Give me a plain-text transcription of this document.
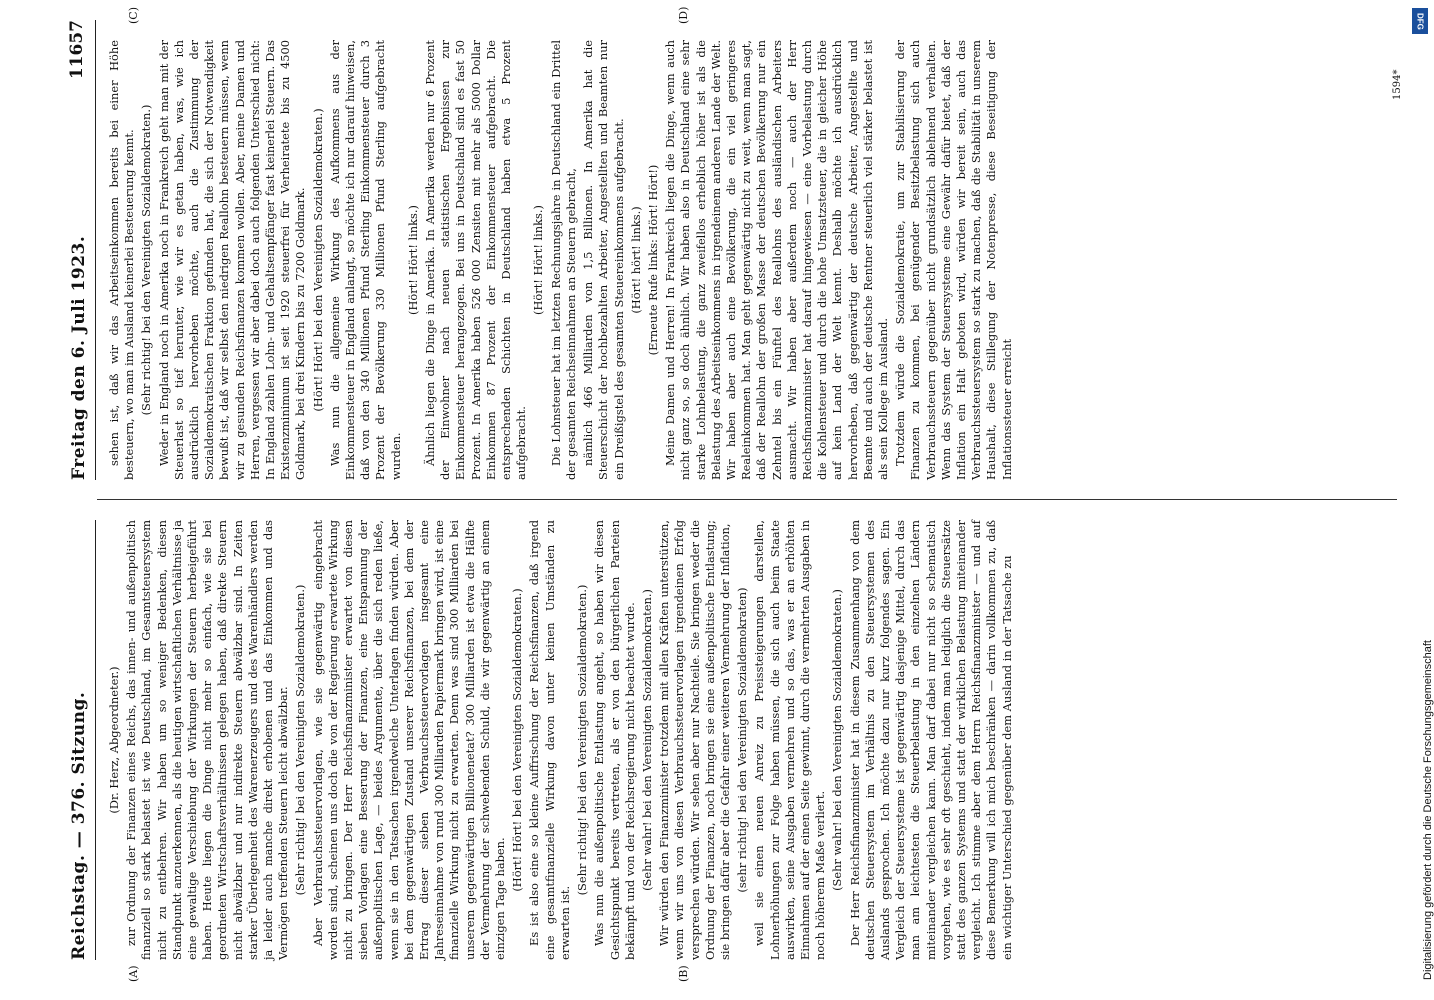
Reichstag. — 376. Sitzung.
Freitag den 6. Juli 1923.
11657
(A)	(B)
(C)	(D)

(Dr. Herz, Abgeordneter.) zur Ordnung der Finanzen eines Reichs, das innen- und außenpolitisch finanziell so stark belastet ist wie Deutschland, im Gesamtsteuersystem nicht zu entbehren. Wir haben um so weniger Bedenken, diesen Standpunkt anzuerkennen, als die heutigen wirtschaftlichen Verhältnisse ja eine gewaltige Verschiebung der Wirkungen der Steuern herbeigeführt haben. Heute liegen die Dinge nicht mehr so einfach, wie sie bei geordneten Wirtschaftsverhältnissen gelegen haben, daß direkte Steuern nicht abwälzbar und nur indirekte Steuern abwälzbar sind. In Zeiten starker Überlegenheit des Warenerzeugers und des Warenhändlers werden ja leider auch manche direkt erhobenen und das Einkommen und das Vermögen treffenden Steuern leicht abwälzbar. (Sehr richtig! bei den Vereinigten Sozialdemokraten.) Aber Verbrauchssteuervorlagen, wie sie gegenwärtig eingebracht worden sind, scheinen uns doch die von der Regierung erwartete Wirkung nicht zu bringen. Der Herr Reichsfinanzminister erwartet von diesen sieben Vorlagen eine Besserung der Finanzen, eine Entspannung der außenpolitischen Lage, — beides Argumente, über die sich reden ließe, wenn sie in den Tatsachen irgendwelche Unterlagen finden würden. Aber bei dem gegenwärtigen Zustand unserer Reichsfinanzen, bei dem der Ertrag dieser sieben Verbrauchssteuervorlagen insgesamt eine Jahreseinnahme von rund 300 Milliarden Papiermark bringen wird, ist eine finanzielle Wirkung nicht zu erwarten. Denn was sind 300 Milliarden bei unserem gegenwärtigen Billionenetat? 300 Milliarden ist etwa die Hälfte der Vermehrung der schwebenden Schuld, die wir gegenwärtig an einem einzigen Tage haben.

(Hört! Hört! bei den Vereinigten Sozialdemokraten.) Es ist also eine so kleine Auffrischung der Reichsfinanzen, daß irgend eine gesamtfinanzielle Wirkung davon unter keinen Umständen zu erwarten ist.

(Sehr richtig! bei den Vereinigten Sozialdemokraten.) Was nun die außenpolitische Entlastung angeht, so haben wir diesen Gesichtspunkt bereits vertreten, als er von den bürgerlichen Parteien bekämpft und von der Reichsregierung nicht beachtet wurde. (Sehr wahr! bei den Vereinigten Sozialdemokraten.) Wir würden den Finanzminister trotzdem mit allen Kräften unterstützen, wenn wir uns von diesen Verbrauchssteuervorlagen irgendeinen Erfolg versprechen würden. Wir sehen aber nur Nachteile. Sie bringen weder die Ordnung der Finanzen, noch bringen sie eine außenpolitische Entlastung; sie bringen dafür aber die Gefahr einer weiteren Vermehrung der Inflation, (sehr richtig! bei den Vereinigten Sozialdemokraten) weil sie einen neuen Anreiz zu Preissteigerungen darstellen, Lohnerhöhungen zur Folge haben müssen, die sich auch beim Staate auswirken, seine Ausgaben vermehren und so das, was er an erhöhten Einnahmen auf der einen Seite gewinnt, durch die vermehrten Ausgaben in noch höherem Maße verliert. (Sehr wahr! bei den Vereinigten Sozialdemokraten.) Der Herr Reichsfinanzminister hat in diesem Zusammenhang von dem deutschen Steuersystem im Verhältnis zu den Steuersystemen des Auslands gesprochen. Ich möchte dazu nur kurz folgendes sagen. Ein Vergleich der Steuersysteme ist gegenwärtig dasjenige Mittel, durch das man am leichtesten die Steuerbelastung in den einzelnen Ländern miteinander vergleichen kann. Man darf dabei nur nicht so schematisch vorgehen, wie es sehr oft geschieht, indem man lediglich die Steuersätze statt des ganzen Systems und statt der wirklichen Belastung miteinander vergleicht. Ich stimme aber dem Herrn Reichsfinanzminister — und auf diese Bemerkung will ich mich beschränken — darin vollkommen zu, daß ein wichtiger Unterschied gegenüber dem Ausland in der Tatsache zu

sehen ist, daß wir das Arbeitseinkommen bereits bei einer Höhe besteuern, wo man im Ausland keinerlei Besteuerung kennt. (Sehr richtig! bei den Vereinigten Sozialdemokraten.) Weder in England noch in Amerika noch in Frankreich geht man mit der Steuerlast so tief herunter, wie wir es getan haben, was, wie ich ausdrücklich hervorheben möchte, auch die Zustimmung der Sozialdemokratischen Fraktion gefunden hat, die sich der Notwendigkeit bewußt ist, daß wir selbst den niedrigen Reallohn besteuern müssen, wenn wir zu gesunden Reichsfinanzen kommen wollen. Aber, meine Damen und Herren, vergessen wir aber dabei doch auch folgenden Unterschied nicht: In England zahlen Lohn- und Gehaltsempfänger fast keinerlei Steuern. Das Existenzminimum ist seit 1920 steuerfrei für Verheiratete bis zu 4500 Goldmark, bei drei Kindern bis zu 7200 Goldmark. (Hört! Hört! bei den Vereinigten Sozialdemokraten.) Was nun die allgemeine Wirkung des Aufkommens aus der Einkommensteuer in England anlangt, so möchte ich nur darauf hinweisen, daß von den 340 Millionen Pfund Sterling Einkommensteuer durch 3 Prozent der Bevölkerung 330 Millionen Pfund Sterling aufgebracht wurden.

(Hört! Hört! links.) Ähnlich liegen die Dinge in Amerika. In Amerika werden nur 6 Prozent der Einwohner nach neuen statistischen Ergebnissen zur Einkommensteuer herangezogen. Bei uns in Deutschland sind es fast 50 Prozent. In Amerika haben 526 000 Zensiten mit mehr als 5000 Dollar Einkommen 87 Prozent der Einkommensteuer aufgebracht. Die entsprechenden Schichten in Deutschland haben etwa 5 Prozent aufgebracht.

(Hört! Hört! links.) Die Lohnsteuer hat im letzten Rechnungsjahre in Deutschland ein Drittel der gesamten Reichseinnahmen an Steuern gebracht, nämlich 466 Milliarden von 1,5 Billionen. In Amerika hat die Steuerschicht der hochbezahlten Arbeiter, Angestellten und Beamten nur ein Dreißigstel des gesamten Steuereinkommens aufgebracht. (Hört! hört! links.) (Erneute Rufe links: Hört! Hört!) Meine Damen und Herren! In Frankreich liegen die Dinge, wenn auch nicht ganz so, so doch ähnlich. Wir haben also in Deutschland eine sehr starke Lohnbelastung, die ganz zweifellos erheblich höher ist als die Belastung des Arbeitseinkommens in irgendeinem anderen Lande der Welt. Wir haben aber auch eine Bevölkerung, die ein viel geringeres Realeinkommen hat. Man geht gegenwärtig nicht zu weit, wenn man sagt, daß der Reallohn der großen Masse der deutschen Bevölkerung nur ein Zehntel bis ein Fünftel des Reallohns des ausländischen Arbeiters ausmacht. Wir haben aber außerdem noch — auch der Herr Reichsfinanzminister hat darauf hingewiesen — eine Vorbelastung durch die Kohlensteuer und durch die hohe Umsatzsteuer, die in gleicher Höhe auf kein Land der Welt kennt. Deshalb möchte ich ausdrücklich hervorheben, daß gegenwärtig der deutsche Arbeiter, Angestellte und Beamte und auch der deutsche Rentner steuerlich viel stärker belastet ist als sein Kollege im Ausland. Trotzdem würde die Sozialdemokratie, um zur Stabilisierung der Finanzen zu kommen, bei genügender Besitzbelastung sich auch Verbrauchssteuern gegenüber nicht grundsätzlich ablehnend verhalten. Wenn das System der Steuersysteme eine Gewähr dafür bietet, daß der Inflation ein Halt geboten wird, würden wir bereit sein, auch das Verbrauchssteuersystem so stark zu machen, daß die Stabilität in unserem Haushalt, diese Stillegung der Notenpresse, diese Beseitigung der Inflationssteuer erreicht

1594*
DFG
Digitalisierung gefördert durch die Deutsche Forschungsgemeinschaft
